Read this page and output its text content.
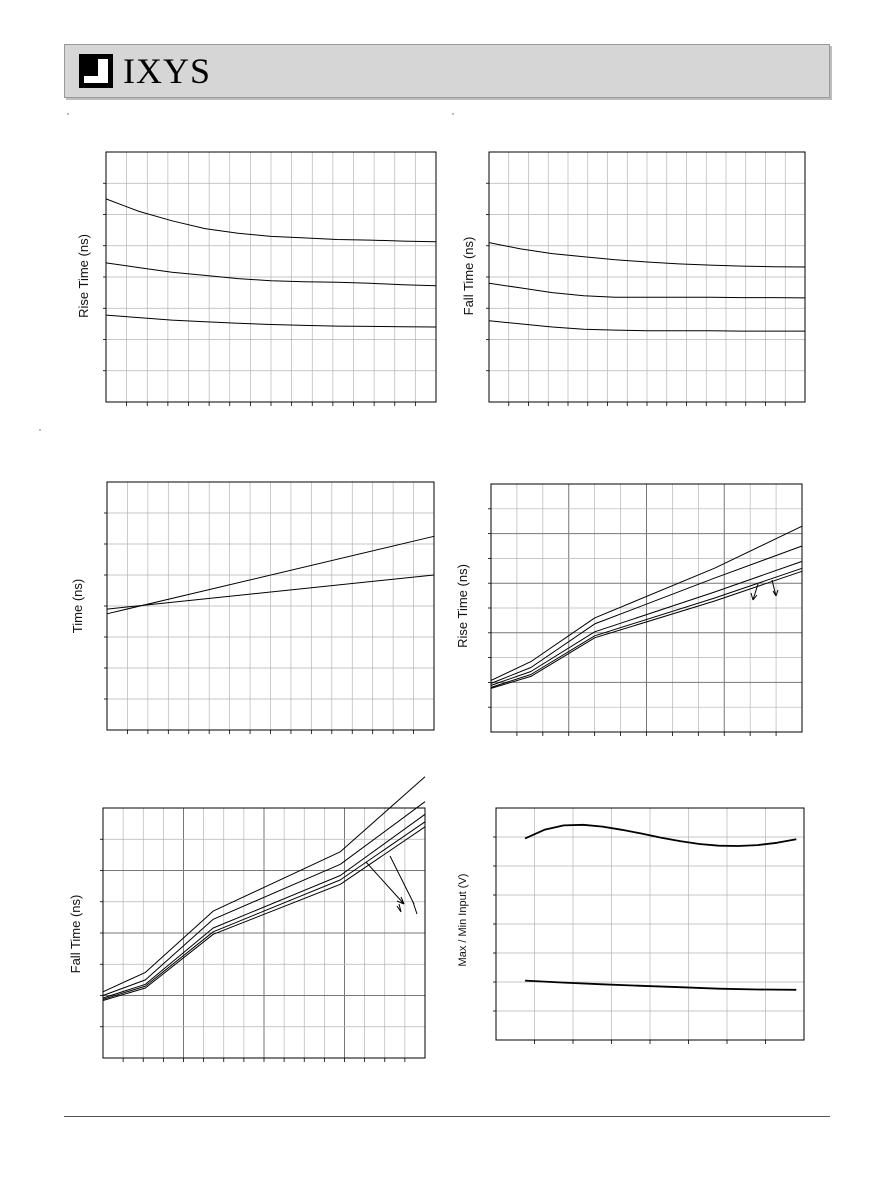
IXYS
Rise Time (ns)	Fall Time (ns)
Time (ns)	Rise Time (ns)
Fall Time (ns)	Max / Min Input (V)
